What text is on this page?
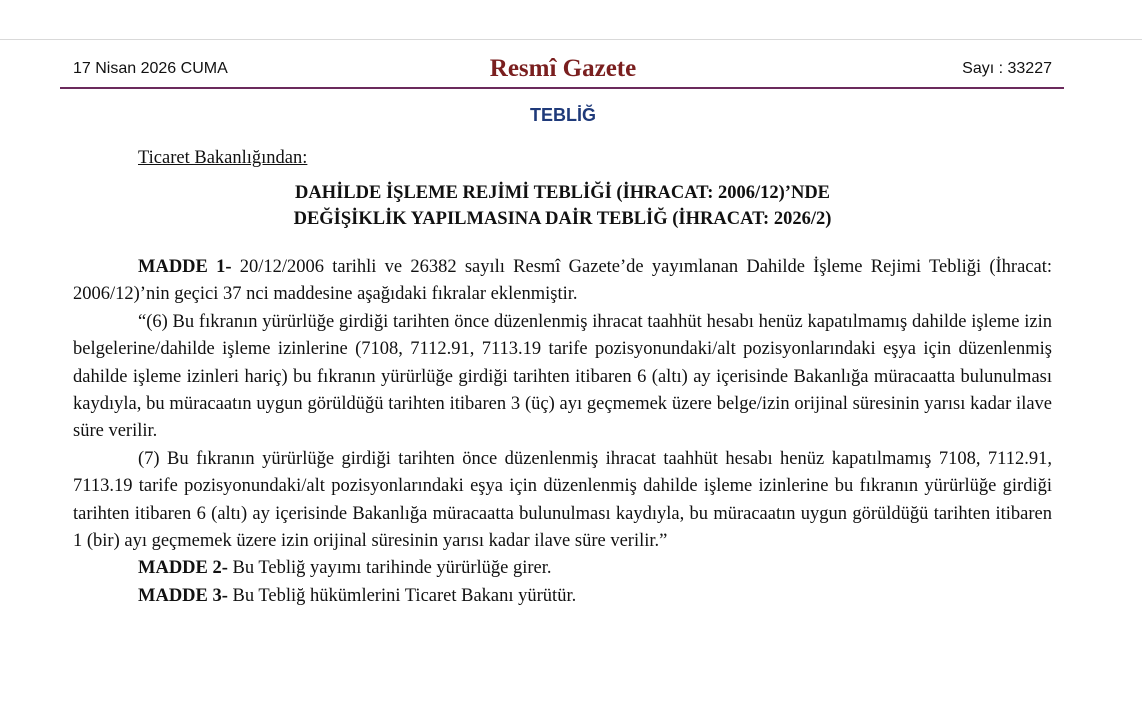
17 Nisan 2026 CUMA	Resmî Gazete	Sayı : 33227
TEBLİĞ
Ticaret Bakanlığından:
DAHİLDE İŞLEME REJİMİ TEBLİĞİ (İHRACAT: 2006/12)’NDE
DEĞİŞİKLİK YAPILMASINA DAİR TEBLİĞ (İHRACAT: 2026/2)

MADDE 1- 20/12/2006 tarihli ve 26382 sayılı Resmî Gazete’de yayımlanan Dahilde İşleme Rejimi Tebliği (İhracat: 2006/12)’nin geçici 37 nci maddesine aşağıdaki fıkralar eklenmiştir.

“(6) Bu fıkranın yürürlüğe girdiği tarihten önce düzenlenmiş ihracat taahhüt hesabı henüz kapatılmamış dahilde işleme izin belgelerine/dahilde işleme izinlerine (7108, 7112.91, 7113.19 tarife pozisyonundaki/alt pozisyonlarındaki eşya için düzenlenmiş dahilde işleme izinleri hariç) bu fıkranın yürürlüğe girdiği tarihten itibaren 6 (altı) ay içerisinde Bakanlığa müracaatta bulunulması kaydıyla, bu müracaatın uygun görüldüğü tarihten itibaren 3 (üç) ayı geçmemek üzere belge/izin orijinal süresinin yarısı kadar ilave süre verilir.

(7) Bu fıkranın yürürlüğe girdiği tarihten önce düzenlenmiş ihracat taahhüt hesabı henüz kapatılmamış 7108, 7112.91, 7113.19 tarife pozisyonundaki/alt pozisyonlarındaki eşya için düzenlenmiş dahilde işleme izinlerine bu fıkranın yürürlüğe girdiği tarihten itibaren 6 (altı) ay içerisinde Bakanlığa müracaatta bulunulması kaydıyla, bu müracaatın uygun görüldüğü tarihten itibaren 1 (bir) ayı geçmemek üzere izin orijinal süresinin yarısı kadar ilave süre verilir.”

MADDE 2- Bu Tebliğ yayımı tarihinde yürürlüğe girer.

MADDE 3- Bu Tebliğ hükümlerini Ticaret Bakanı yürütür.
